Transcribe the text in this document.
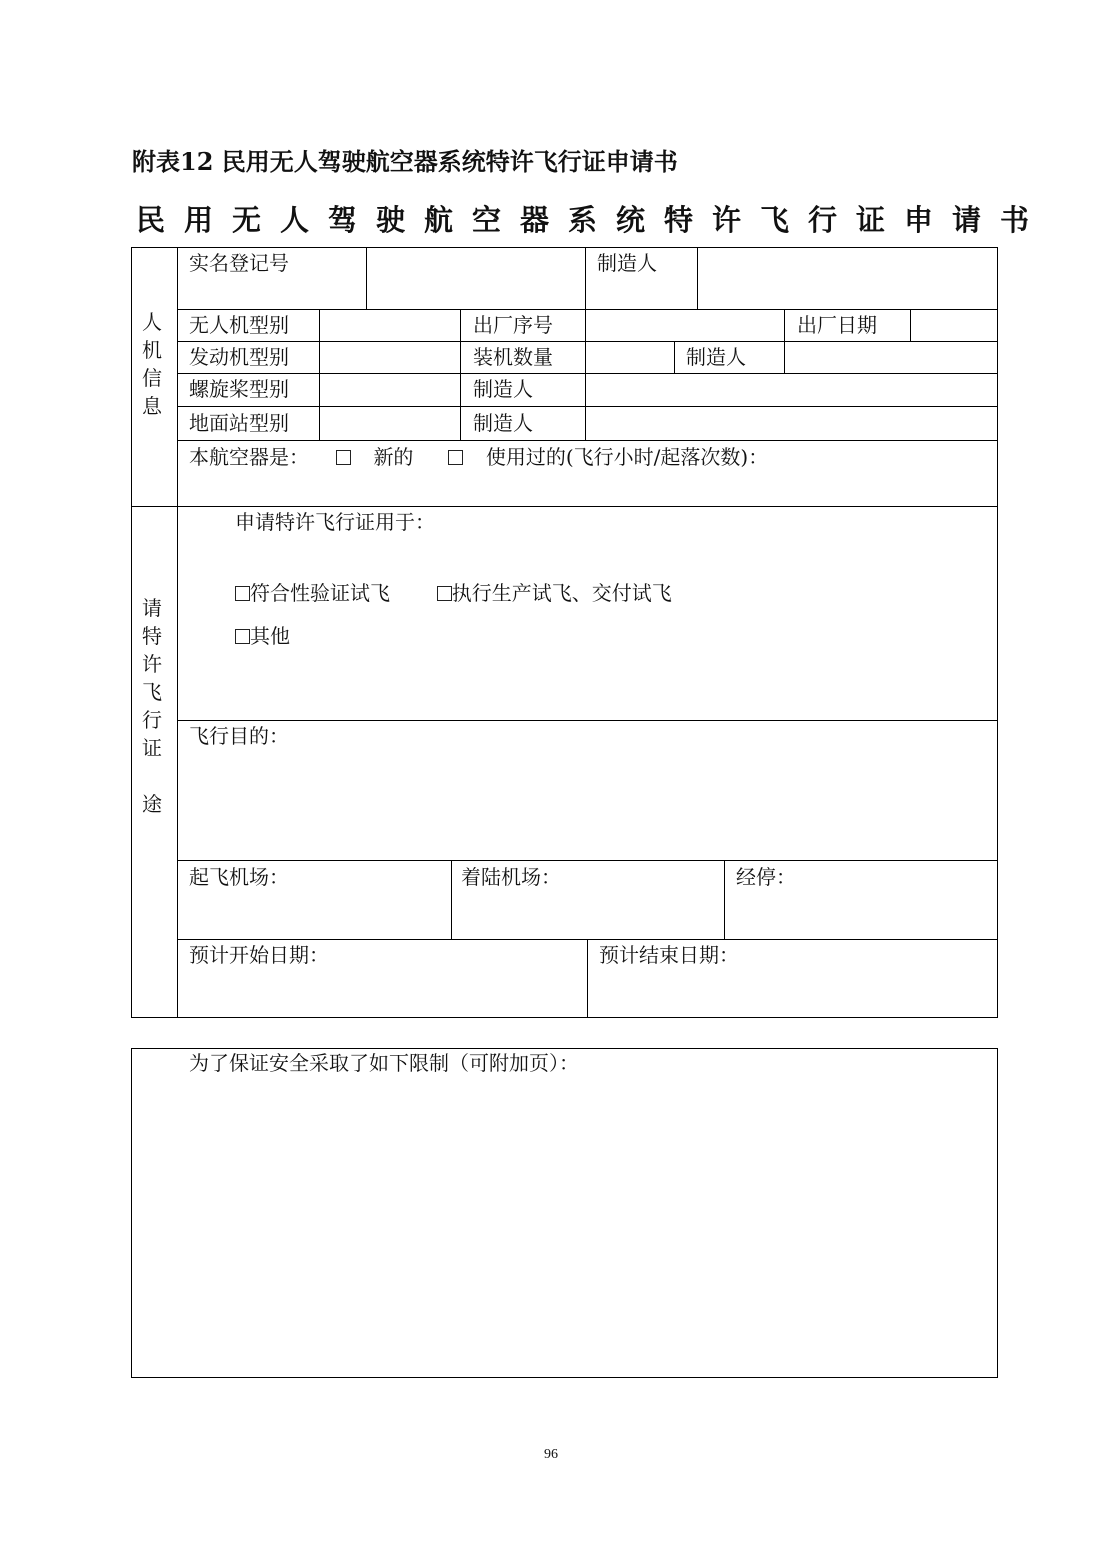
附表12 民用无人驾驶航空器系统特许飞行证申请书
民用无人驾驶航空器系统特许飞行证申请书
人
机
信
息
实名登记号	制造人
无人机型别	出厂序号	出厂日期
发动机型别	装机数量	制造人
螺旋桨型别	制造人
地面站型别	制造人
本航空器是：	新的	使用过的(飞行小时/起落次数)：
请
特
许
飞
行
证
途
申请特许飞行证用于：
符合性验证试飞	执行生产试飞、交付试飞
其他
飞行目的：
起飞机场：	着陆机场：	经停：
预计开始日期：	预计结束日期：
为了保证安全采取了如下限制（可附加页）：
96
